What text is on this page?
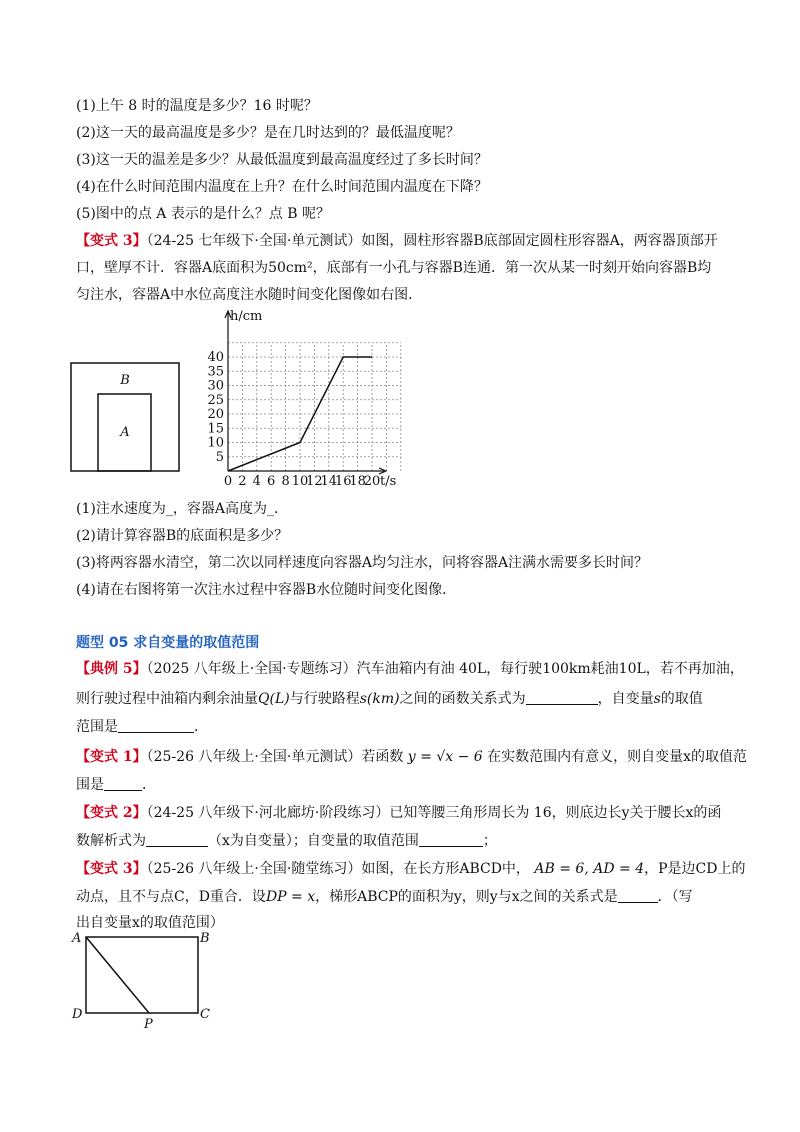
(1)上午 8 时的温度是多少？16 时呢？
(2)这一天的最高温度是多少？是在几时达到的？最低温度呢？
(3)这一天的温差是多少？从最低温度到最高温度经过了多长时间？
(4)在什么时间范围内温度在上升？在什么时间范围内温度在下降？
(5)图中的点 A 表示的是什么？点 B 呢？
【变式 3】（24-25 七年级下·全国·单元测试）如图，圆柱形容器B底部固定圆柱形容器A，两容器顶部开
口，壁厚不计．容器A底面积为50cm²，底部有一小孔与容器B连通．第一次从某一时刻开始向容器B均
匀注水，容器A中水位高度注水随时间变化图像如右图．
B
A
0 2 4 6 8 10
12
14
16
18
20
5
10
15
20
25
30
35
40
h/cm
t/s
(1)注水速度为_，容器A高度为_．
(2)请计算容器B的底面积是多少？
(3)将两容器水清空，第二次以同样速度向容器A均匀注水，问将容器A注满水需要多长时间？
(4)请在右图将第一次注水过程中容器B水位随时间变化图像．
题型 05 求自变量的取值范围
【典例 5】（2025 八年级上·全国·专题练习）汽车油箱内有油 40L，每行驶100km耗油10L，若不再加油，
则行驶过程中油箱内剩余油量Q(L)与行驶路程s(km)之间的函数关系式为	，自变量s的取值
范围是	．
【变式 1】（25-26 八年级上·全国·单元测试）若函数 y = √x − 6 在实数范围内有意义，则自变量x的取值范
围是	．
【变式 2】（24-25 八年级下·河北廊坊·阶段练习）已知等腰三角形周长为 16，则底边长y关于腰长x的函
数解析式为	（x为自变量）；自变量的取值范围	；
【变式 3】（25-26 八年级上·全国·随堂练习）如图，在长方形ABCD中， AB = 6, AD = 4，P是边CD上的
动点，且不与点C，D重合．设DP = x，梯形ABCP的面积为y，则y与x之间的关系式是	．（写
出自变量x的取值范围）
A	B
C
D
P
